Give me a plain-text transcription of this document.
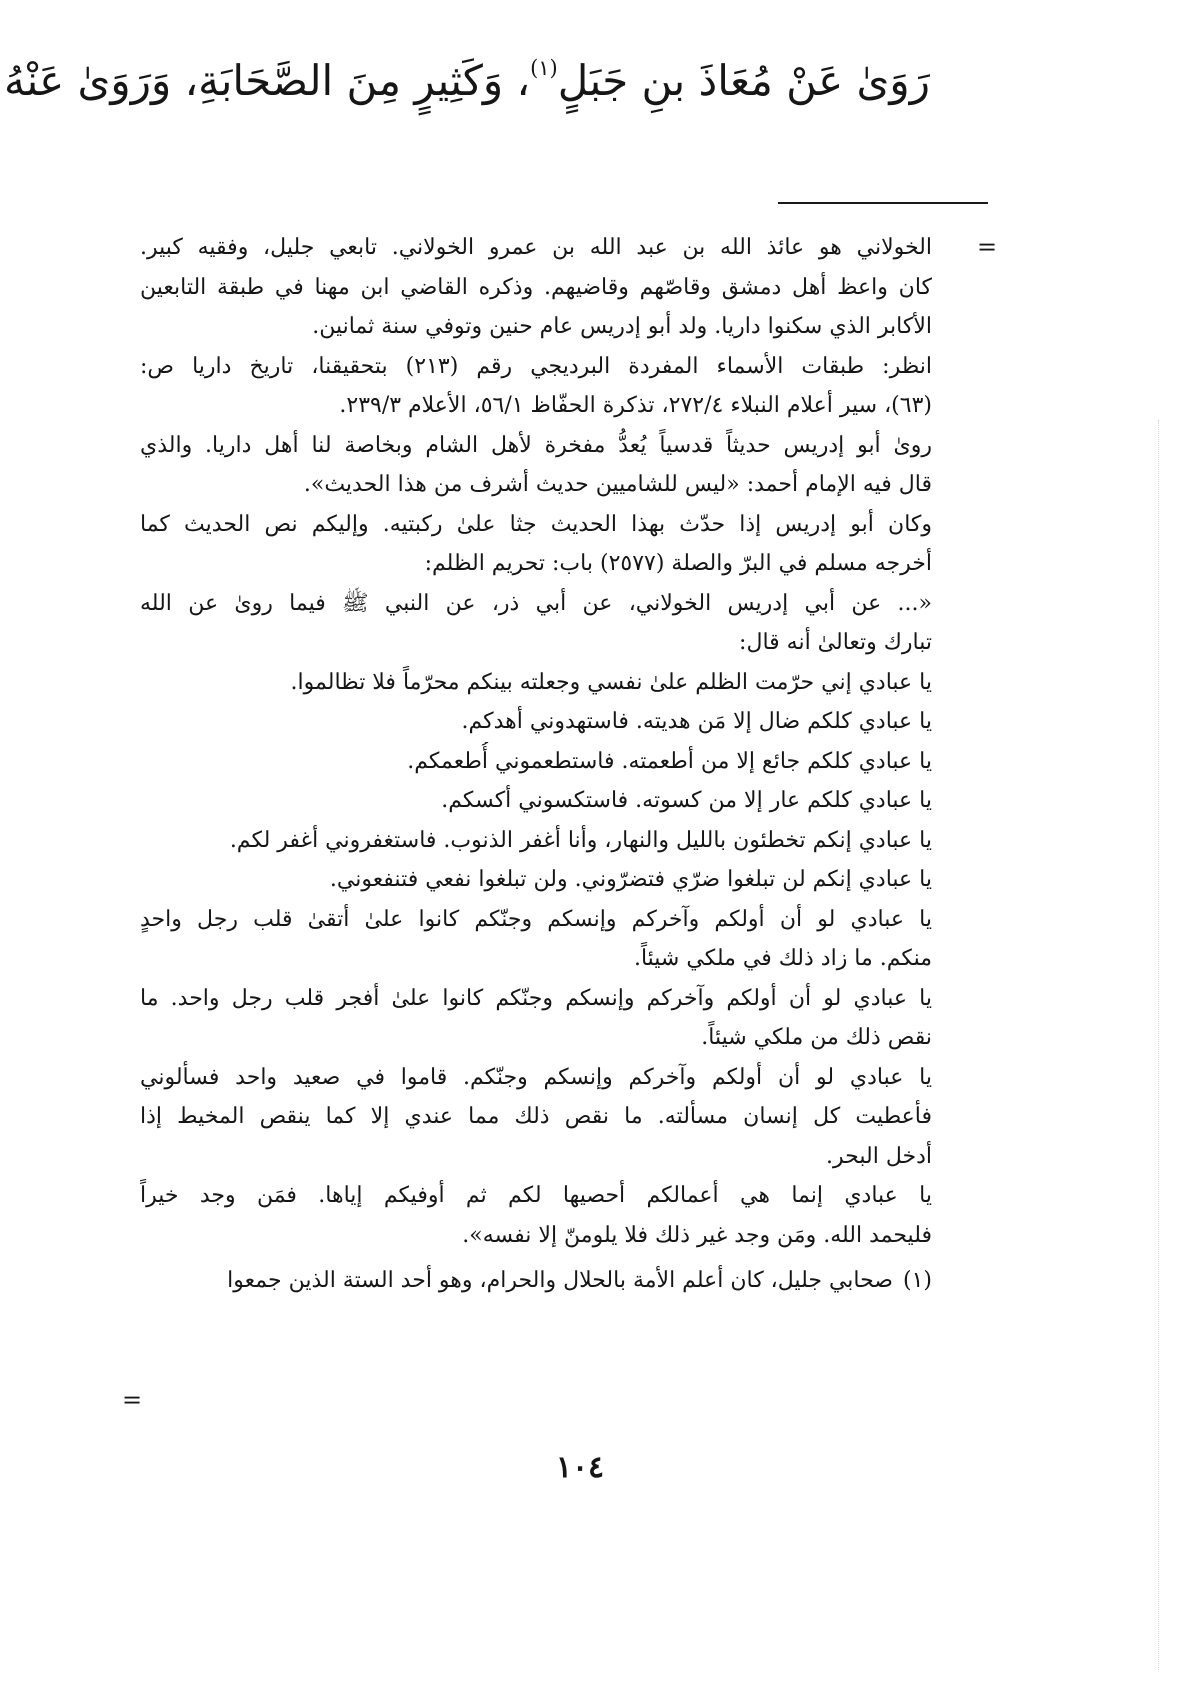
رَوَىٰ عَنْ مُعَاذَ بنِ جَبَلٍ$^{(١)}$، وَكَثِيرٍ مِنَ الصَّحَابَةِ، وَرَوَىٰ عَنْهُ
=
الخولاني هو عائذ الله بن عبد الله بن عمرو الخولاني. تابعي جليل، وفقيه كبير.
كان واعظ أهل دمشق وقاصّهم وقاضيهم. وذكره القاضي ابن مهنا في طبقة التابعين
الأكابر الذي سكنوا داريا. ولد أبو إدريس عام حنين وتوفي سنة ثمانين.
انظر: طبقات الأسماء المفردة البرديجي رقم (٢١٣) بتحقيقنا، تاريخ داريا ص:
(٦٣)، سير أعلام النبلاء ٢٧٢/٤، تذكرة الحفّاظ ٥٦/١، الأعلام ٢٣٩/٣.
روىٰ أبو إدريس حديثاً قدسياً يُعدُّ مفخرة لأهل الشام وبخاصة لنا أهل داريا. والذي
قال فيه الإمام أحمد: «ليس للشاميين حديث أشرف من هذا الحديث».
وكان أبو إدريس إذا حدّث بهذا الحديث جثا علىٰ ركبتيه. وإليكم نص الحديث كما
أخرجه مسلم في البرّ والصلة (٢٥٧٧) باب: تحريم الظلم:
«... عن أبي إدريس الخولاني، عن أبي ذر، عن النبي ﷺ فيما روىٰ عن الله
تبارك وتعالىٰ أنه قال:
يا عبادي إني حرّمت الظلم علىٰ نفسي وجعلته بينكم محرّماً فلا تظالموا.
يا عبادي كلكم ضال إلا مَن هديته. فاستهدوني أهدكم.
يا عبادي كلكم جائع إلا من أطعمته. فاستطعموني أُطعمكم.
يا عبادي كلكم عار إلا من كسوته. فاستكسوني أكسكم.
يا عبادي إنكم تخطئون بالليل والنهار، وأنا أغفر الذنوب. فاستغفروني أغفر لكم.
يا عبادي إنكم لن تبلغوا ضرّي فتضرّوني. ولن تبلغوا نفعي فتنفعوني.
يا عبادي لو أن أولكم وآخركم وإنسكم وجنّكم كانوا علىٰ أتقىٰ قلب رجل واحدٍ
منكم. ما زاد ذلك في ملكي شيئاً.
يا عبادي لو أن أولكم وآخركم وإنسكم وجنّكم كانوا علىٰ أفجر قلب رجل واحد. ما
نقص ذلك من ملكي شيئاً.
يا عبادي لو أن أولكم وآخركم وإنسكم وجنّكم. قاموا في صعيد واحد فسألوني
فأعطيت كل إنسان مسألته. ما نقص ذلك مما عندي إلا كما ينقص المخيط إذا
أدخل البحر.
يا عبادي إنما هي أعمالكم أحصيها لكم ثم أوفيكم إياها. فمَن وجد خيراً
فليحمد الله. ومَن وجد غير ذلك فلا يلومنّ إلا نفسه».
(١)صحابي جليل، كان أعلم الأمة بالحلال والحرام، وهو أحد الستة الذين جمعوا
=
١٠٤
